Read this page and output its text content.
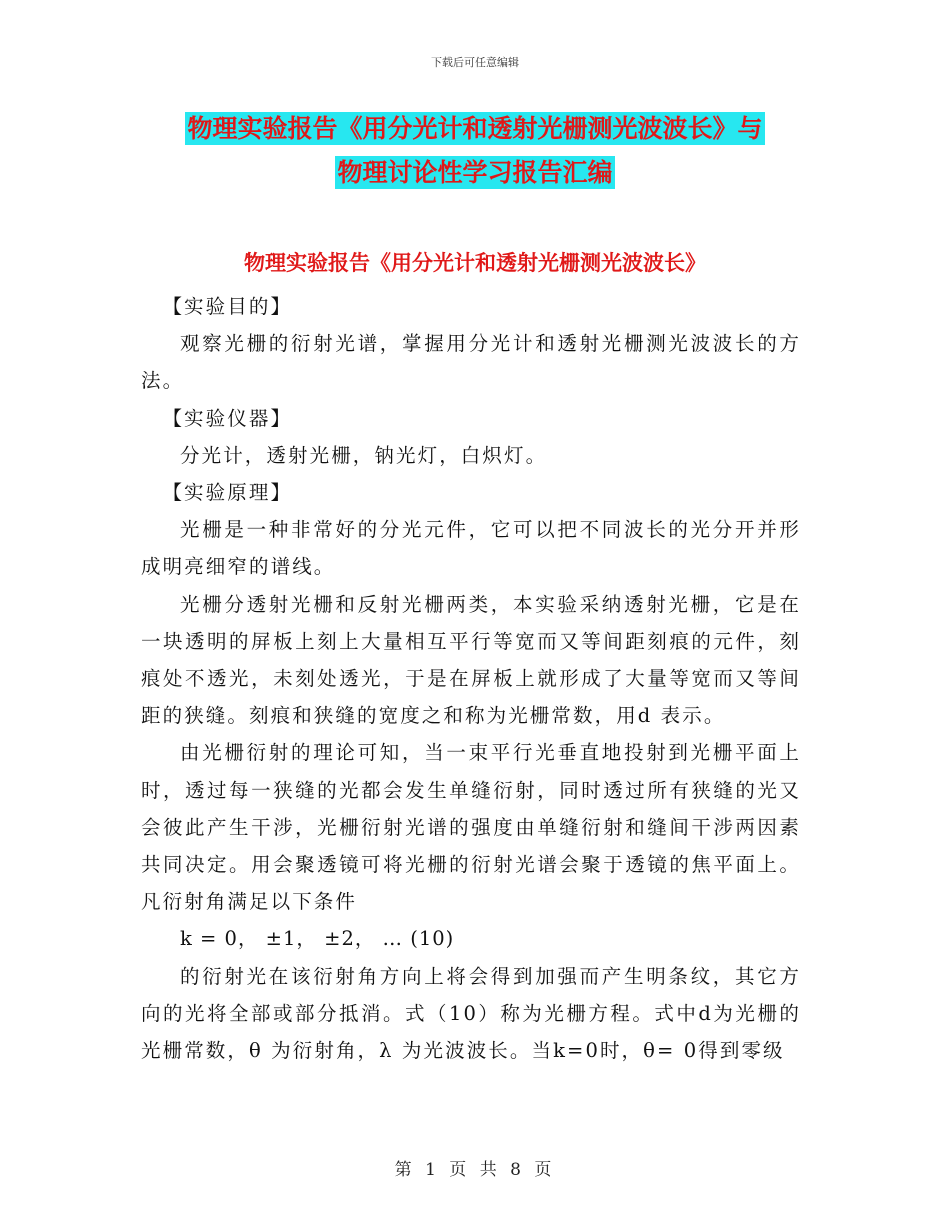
下载后可任意编辑
物理实验报告《用分光计和透射光栅测光波波长》与
物理讨论性学习报告汇编
物理实验报告《用分光计和透射光栅测光波波长》

【实验目的】

观察光栅的衍射光谱，掌握用分光计和透射光栅测光波波长的方法。

【实验仪器】

分光计，透射光栅，钠光灯，白炽灯。

【实验原理】

光栅是一种非常好的分光元件，它可以把不同波长的光分开并形成明亮细窄的谱线。

光栅分透射光栅和反射光栅两类，本实验采纳透射光栅，它是在一块透明的屏板上刻上大量相互平行等宽而又等间距刻痕的元件，刻痕处不透光，未刻处透光，于是在屏板上就形成了大量等宽而又等间距的狭缝。刻痕和狭缝的宽度之和称为光栅常数，用d 表示。

由光栅衍射的理论可知，当一束平行光垂直地投射到光栅平面上时，透过每一狭缝的光都会发生单缝衍射，同时透过所有狭缝的光又会彼此产生干涉，光栅衍射光谱的强度由单缝衍射和缝间干涉两因素共同决定。用会聚透镜可将光栅的衍射光谱会聚于透镜的焦平面上。凡衍射角满足以下条件

k = 0， ±1， ±2， … (10)

的衍射光在该衍射角方向上将会得到加强而产生明条纹，其它方向的光将全部或部分抵消。式（10）称为光栅方程。式中d为光栅的光栅常数，θ 为衍射角，λ 为光波波长。当k=0时，θ= 0得到零级

第 1 页 共 8 页
